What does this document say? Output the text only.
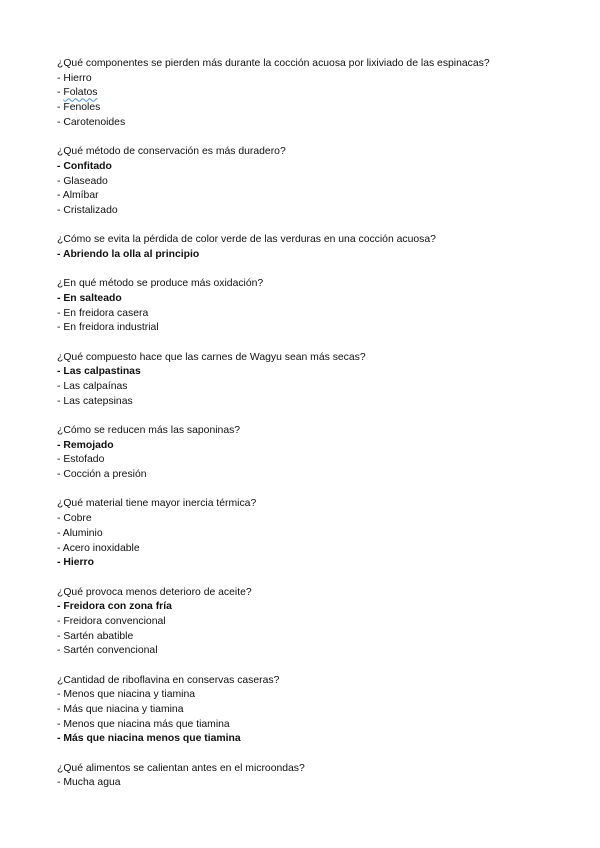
¿Qué componentes se pierden más durante la cocción acuosa por lixiviado de las espinacas?
- Hierro
- Folatos
- Fenoles
- Carotenoides
¿Qué método de conservación es más duradero?
- Confitado
- Glaseado
- Almíbar
- Cristalizado
¿Cómo se evita la pérdida de color verde de las verduras en una cocción acuosa?
- Abriendo la olla al principio
¿En qué método se produce más oxidación?
- En salteado
- En freidora casera
- En freidora industrial
¿Qué compuesto hace que las carnes de Wagyu sean más secas?
- Las calpastinas
- Las calpaínas
- Las catepsinas
¿Cómo se reducen más las saponinas?
- Remojado
- Estofado
- Cocción a presión
¿Qué material tiene mayor inercia térmica?
- Cobre
- Aluminio
- Acero inoxidable
- Hierro
¿Qué provoca menos deterioro de aceite?
- Freidora con zona fría
- Freidora convencional
- Sartén abatible
- Sartén convencional
¿Cantidad de riboflavina en conservas caseras?
- Menos que niacina y tiamina
- Más que niacina y tiamina
- Menos que niacina más que tiamina
- Más que niacina menos que tiamina
¿Qué alimentos se calientan antes en el microondas?
- Mucha agua
